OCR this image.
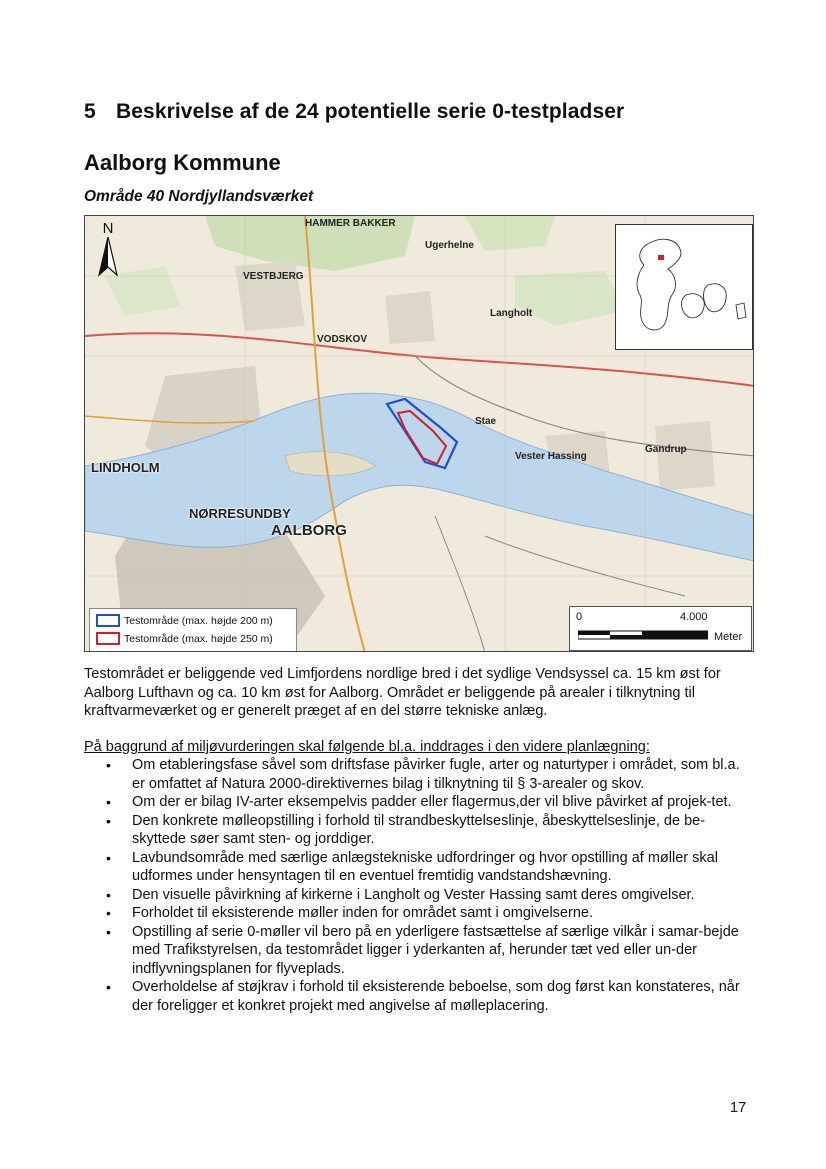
5 Beskrivelse af de 24 potentielle serie 0-testpladser
Aalborg Kommune
Område 40 Nordjyllandsværket
N	HAMMER BAKKER
VESTBJERG
Ugerhelne
Langholt
VODSKOV
Stae
Vester Hassing
Gandrup
LINDHOLM
NØRRESUNDBY
AALBORG
Testområde (max. højde 200 m)
Testområde (max. højde 250 m)
0	4.000
Meter

Testområdet er beliggende ved Limfjordens nordlige bred i det sydlige Vendsyssel ca. 15 km øst for Aalborg Lufthavn og ca. 10 km øst for Aalborg. Området er beliggende på arealer i tilknytning til kraftvarmeværket og er generelt præget af en del større tekniske anlæg.

På baggrund af miljøvurderingen skal følgende bl.a. inddrages i den videre planlægning:

• Om etableringsfase såvel som driftsfase påvirker fugle, arter og naturtyper i området, som bl.a. er omfattet af Natura 2000-direktivernes bilag i tilknytning til § 3-arealer og skov.
• Om der er bilag IV-arter eksempelvis padder eller flagermus,der vil blive påvirket af projek-tet.
• Den konkrete mølleopstilling i forhold til strandbeskyttelseslinje, åbeskyttelseslinje, de be-skyttede søer samt sten- og jorddiger.
• Lavbundsområde med særlige anlægstekniske udfordringer og hvor opstilling af møller skal udformes under hensyntagen til en eventuel fremtidig vandstandshævning.
• Den visuelle påvirkning af kirkerne i Langholt og Vester Hassing samt deres omgivelser.
• Forholdet til eksisterende møller inden for området samt i omgivelserne.
• Opstilling af serie 0-møller vil bero på en yderligere fastsættelse af særlige vilkår i samar-bejde med Trafikstyrelsen, da testområdet ligger i yderkanten af, herunder tæt ved eller un-der indflyvningsplanen for flyveplads.
• Overholdelse af støjkrav i forhold til eksisterende beboelse, som dog først kan konstateres, når der foreligger et konkret projekt med angivelse af mølleplacering.
17
